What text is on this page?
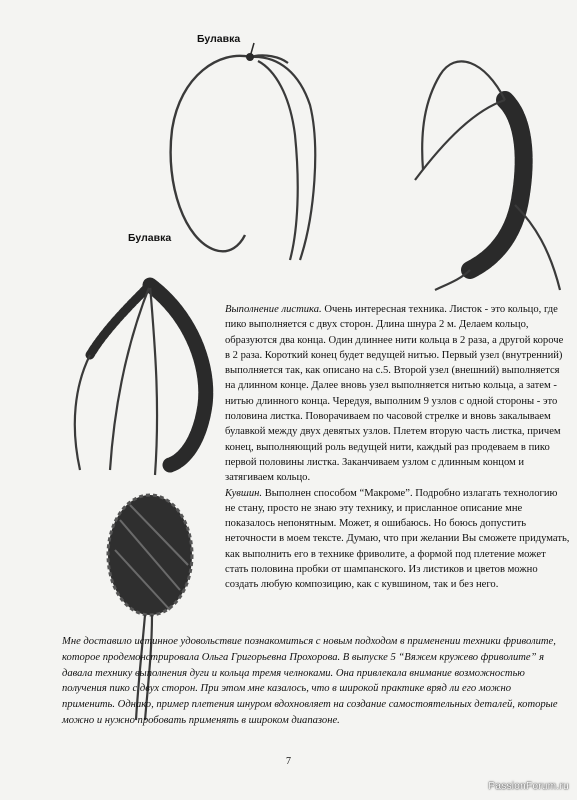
Булавка
Булавка

Выполнение листика. Очень интересная техника. Листок - это кольцо, где пико выполняется с двух сторон. Длина шнура 2 м. Делаем кольцо, образуются два конца. Один длиннее нити кольца в 2 раза, а другой короче в 2 раза. Короткий конец будет ведущей нитью. Первый узел (внутренний) выполняется так, как описано на с.5. Второй узел (внешний) выполняется на длинном конце. Далее вновь узел выполняется нитью кольца, а затем - нитью длинного конца. Чередуя, выполним 9 узлов с одной стороны - это половина листка. Поворачиваем по часовой стрелке и вновь закалываем булавкой между двух девятых узлов. Плетем вторую часть листка, причем конец, выполняющий роль ведущей нити, каждый раз продеваем в пико первой половины листка. Заканчиваем узлом с длинным концом и затягиваем кольцо.

Кувшин. Выполнен способом “Макроме”. Подробно излагать технологию не стану, просто не знаю эту технику, и присланное описание мне показалось непонятным. Может, я ошибаюсь. Но боюсь допустить неточности в моем тексте. Думаю, что при желании Вы сможете придумать, как выполнить его в технике фриволите, а формой под плетение может стать половина пробки от шампанского. Из листиков и цветов можно создать любую композицию, как с кувшином, так и без него.

Мне доставило истинное удовольствие познакомиться с новым подходом в применении техники фриволите, которое продемонстрировала Ольга Григорьевна Прохорова. В выпуске 5 “Вяжем кружево фриволите” я давала технику выполнения дуги и кольца тремя челноками. Она привлекала внимание возможностью получения пико с двух сторон. При этом мне казалось, что в широкой практике вряд ли его можно применить. Однако, пример плетения шнуром вдохновляет на создание самостоятельных деталей, которые можно и нужно пробовать применять в широком диапазоне.
7
PassionForum.ru
